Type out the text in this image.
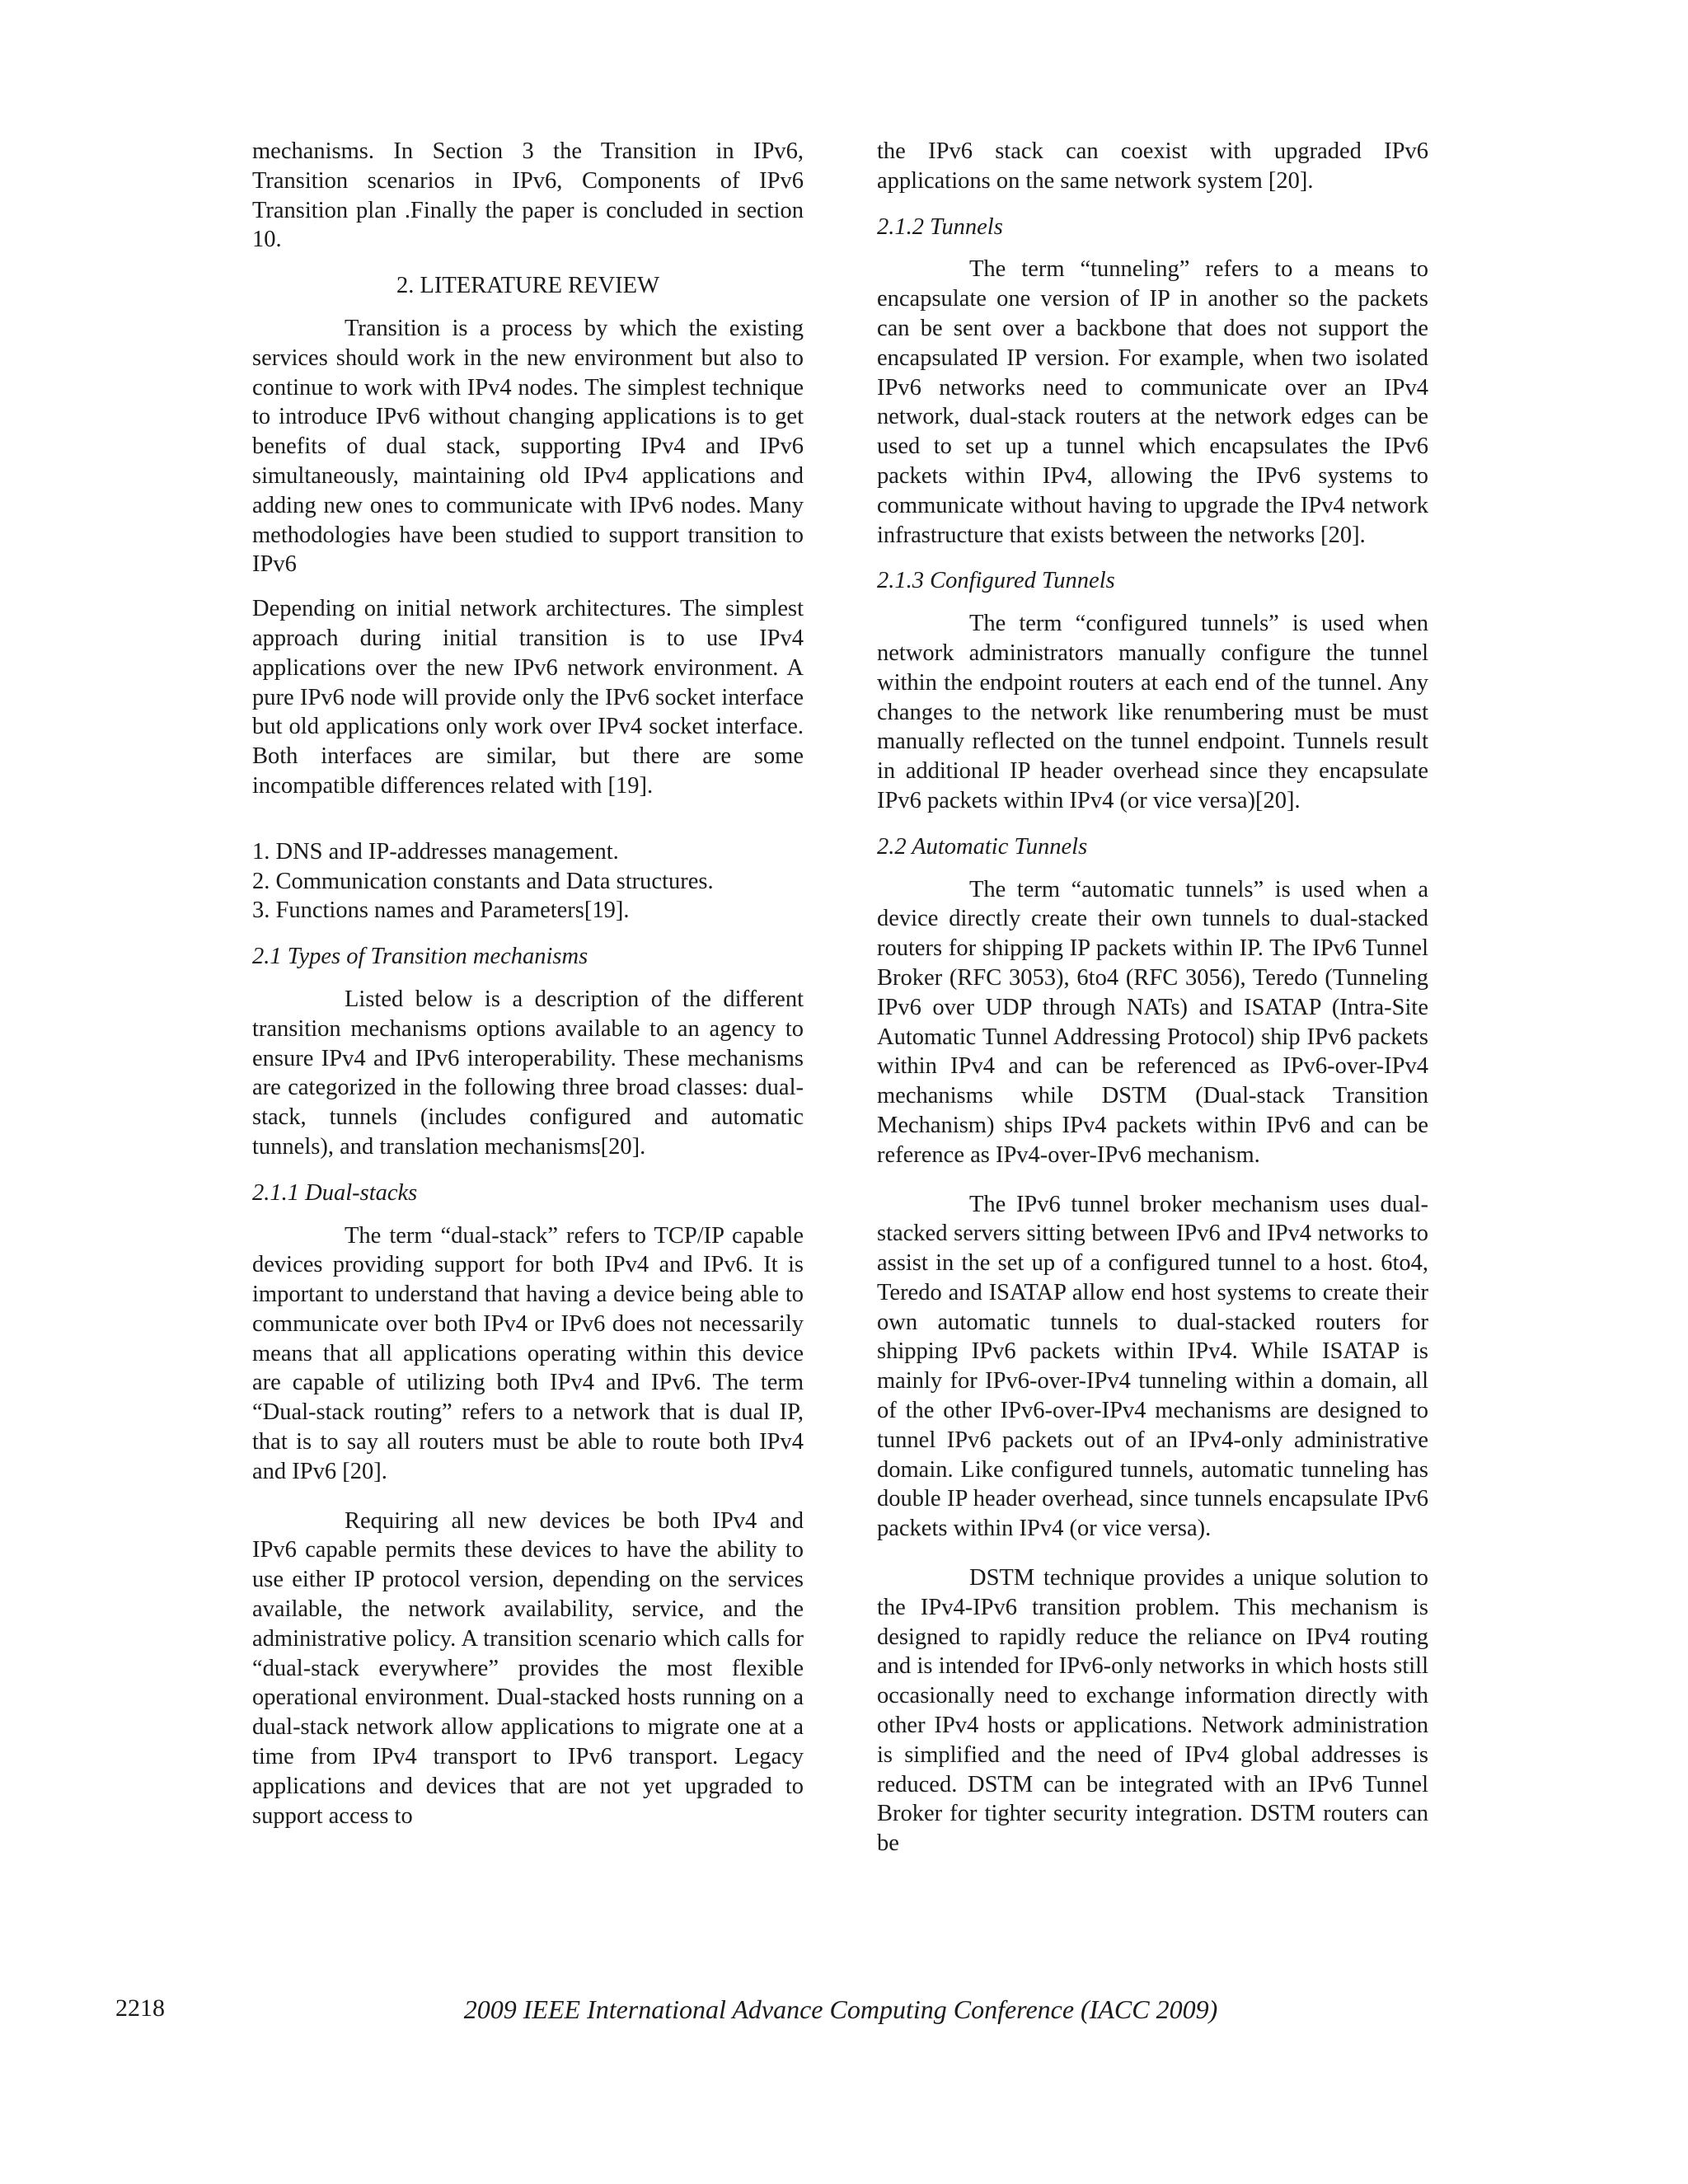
mechanisms. In Section 3 the Transition in IPv6, Transition scenarios in IPv6, Components of IPv6 Transition plan .Finally the paper is concluded in section 10.

2. LITERATURE REVIEW

Transition is a process by which the existing services should work in the new environment but also to continue to work with IPv4 nodes. The simplest technique to introduce IPv6 without changing applications is to get benefits of dual stack, supporting IPv4 and IPv6 simultaneously, maintaining old IPv4 applications and adding new ones to communicate with IPv6 nodes. Many methodologies have been studied to support transition to IPv6

Depending on initial network architectures. The simplest approach during initial transition is to use IPv4 applications over the new IPv6 network environment. A pure IPv6 node will provide only the IPv6 socket interface but old applications only work over IPv4 socket interface. Both interfaces are similar, but there are some incompatible differences related with [19].

1. DNS and IP-addresses management.

2. Communication constants and Data structures.

3. Functions names and Parameters[19].

2.1 Types of Transition mechanisms

Listed below is a description of the different transition mechanisms options available to an agency to ensure IPv4 and IPv6 interoperability. These mechanisms are categorized in the following three broad classes: dual-stack, tunnels (includes configured and automatic tunnels), and translation mechanisms[20].

2.1.1 Dual-stacks

The term “dual-stack” refers to TCP/IP capable devices providing support for both IPv4 and IPv6. It is important to understand that having a device being able to communicate over both IPv4 or IPv6 does not necessarily means that all applications operating within this device are capable of utilizing both IPv4 and IPv6. The term “Dual-stack routing” refers to a network that is dual IP, that is to say all routers must be able to route both IPv4 and IPv6 [20].

Requiring all new devices be both IPv4 and IPv6 capable permits these devices to have the ability to use either IP protocol version, depending on the services available, the network availability, service, and the administrative policy. A transition scenario which calls for “dual-stack everywhere” provides the most flexible operational environment. Dual-stacked hosts running on a dual-stack network allow applications to migrate one at a time from IPv4 transport to IPv6 transport. Legacy applications and devices that are not yet upgraded to support access to

the IPv6 stack can coexist with upgraded IPv6 applications on the same network system [20].

2.1.2 Tunnels

The term “tunneling” refers to a means to encapsulate one version of IP in another so the packets can be sent over a backbone that does not support the encapsulated IP version. For example, when two isolated IPv6 networks need to communicate over an IPv4 network, dual-stack routers at the network edges can be used to set up a tunnel which encapsulates the IPv6 packets within IPv4, allowing the IPv6 systems to communicate without having to upgrade the IPv4 network infrastructure that exists between the networks [20].

2.1.3 Configured Tunnels

The term “configured tunnels” is used when network administrators manually configure the tunnel within the endpoint routers at each end of the tunnel. Any changes to the network like renumbering must be must manually reflected on the tunnel endpoint. Tunnels result in additional IP header overhead since they encapsulate IPv6 packets within IPv4 (or vice versa)[20].

2.2 Automatic Tunnels

The term “automatic tunnels” is used when a device directly create their own tunnels to dual-stacked routers for shipping IP packets within IP. The IPv6 Tunnel Broker (RFC 3053), 6to4 (RFC 3056), Teredo (Tunneling IPv6 over UDP through NATs) and ISATAP (Intra-Site Automatic Tunnel Addressing Protocol) ship IPv6 packets within IPv4 and can be referenced as IPv6-over-IPv4 mechanisms while DSTM (Dual-stack Transition Mechanism) ships IPv4 packets within IPv6 and can be reference as IPv4-over-IPv6 mechanism.

The IPv6 tunnel broker mechanism uses dual-stacked servers sitting between IPv6 and IPv4 networks to assist in the set up of a configured tunnel to a host. 6to4, Teredo and ISATAP allow end host systems to create their own automatic tunnels to dual-stacked routers for shipping IPv6 packets within IPv4. While ISATAP is mainly for IPv6-over-IPv4 tunneling within a domain, all of the other IPv6-over-IPv4 mechanisms are designed to tunnel IPv6 packets out of an IPv4-only administrative domain. Like configured tunnels, automatic tunneling has double IP header overhead, since tunnels encapsulate IPv6 packets within IPv4 (or vice versa).

DSTM technique provides a unique solution to the IPv4-IPv6 transition problem. This mechanism is designed to rapidly reduce the reliance on IPv4 routing and is intended for IPv6-only networks in which hosts still occasionally need to exchange information directly with other IPv4 hosts or applications. Network administration is simplified and the need of IPv4 global addresses is reduced. DSTM can be integrated with an IPv6 Tunnel Broker for tighter security integration. DSTM routers can be

2218	2009 IEEE International Advance Computing Conference (IACC 2009)
